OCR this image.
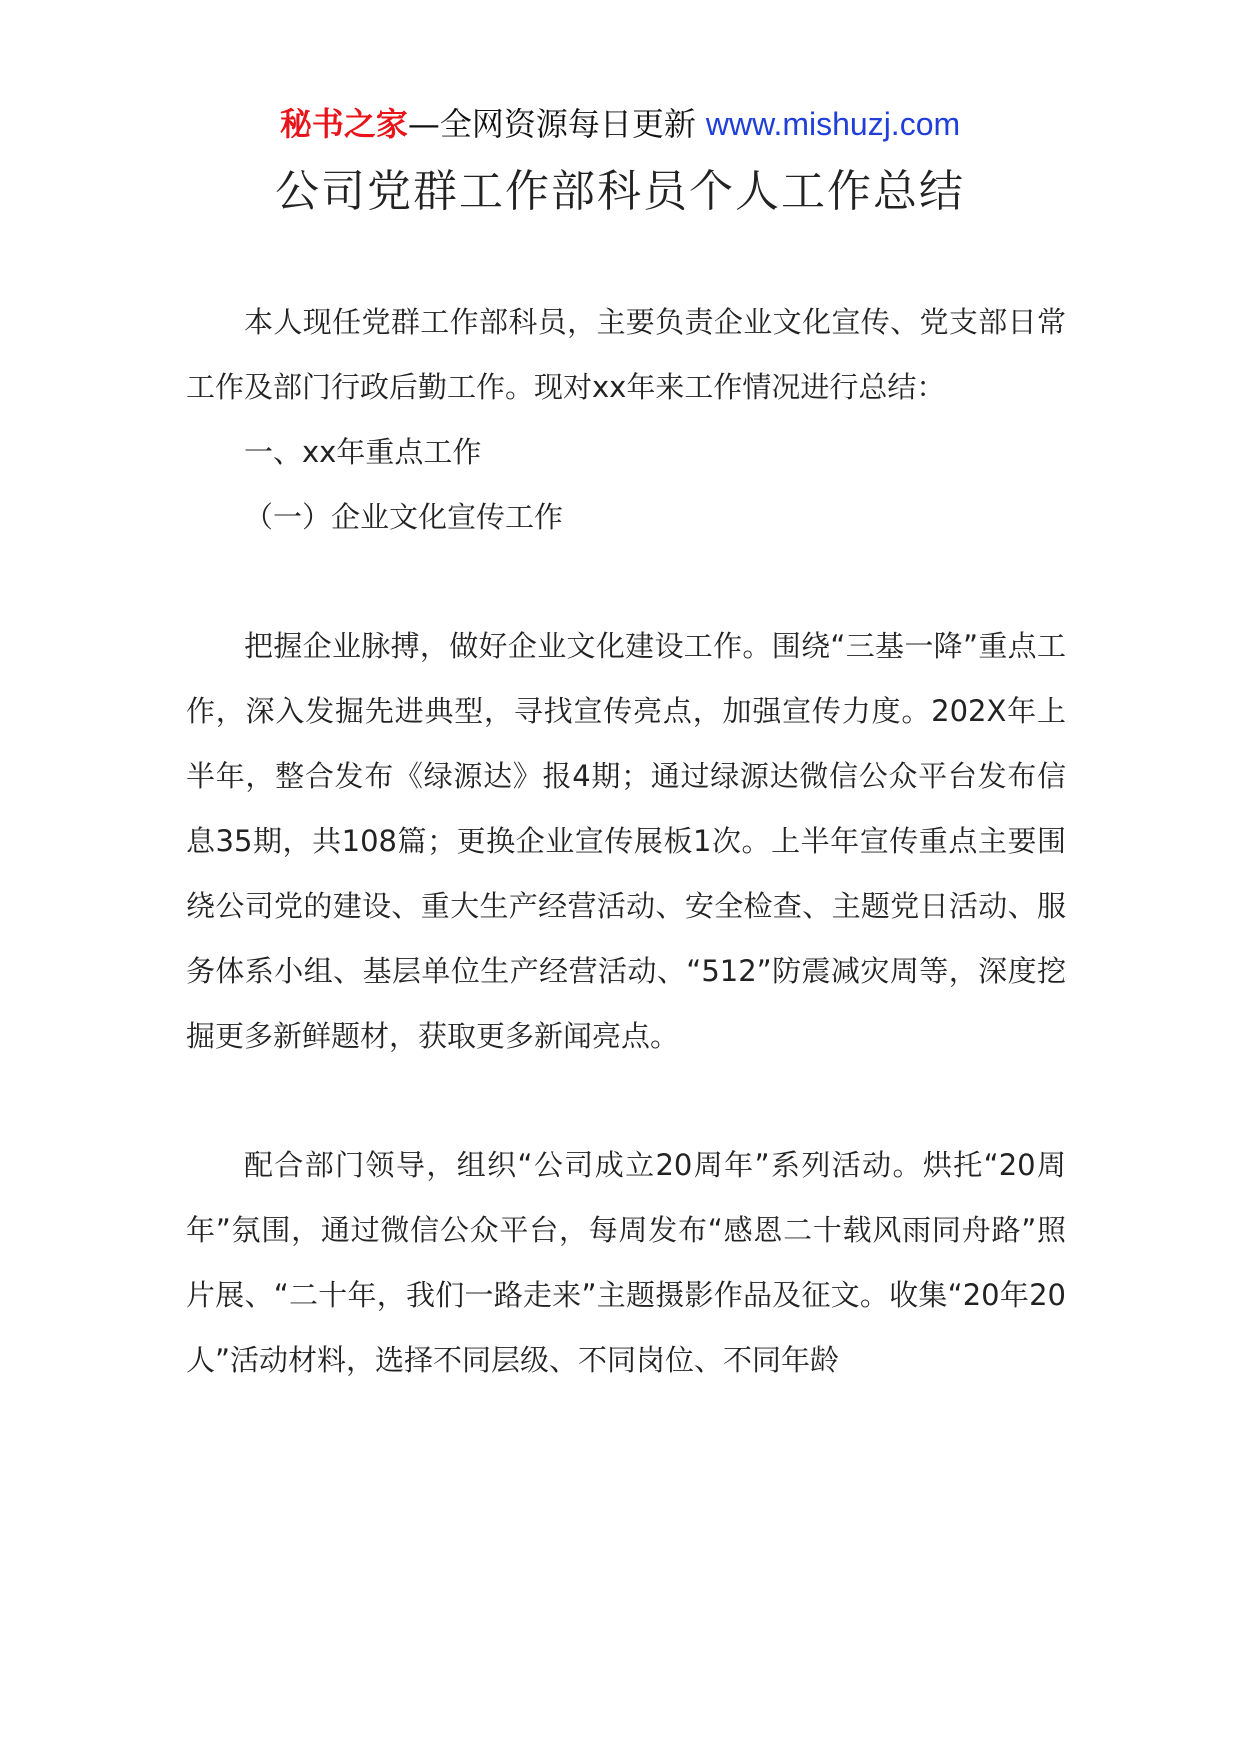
秘书之家—全网资源每日更新 www.mishuzj.com
公司党群工作部科员个人工作总结

本人现任党群工作部科员，主要负责企业文化宣传、党支部日常工作及部门行政后勤工作。现对xx年来工作情况进行总结：

一、xx年重点工作

（一）企业文化宣传工作

把握企业脉搏，做好企业文化建设工作。围绕“三基一降”重点工作，深入发掘先进典型，寻找宣传亮点，加强宣传力度。202X年上半年，整合发布《绿源达》报4期；通过绿源达微信公众平台发布信息35期，共108篇；更换企业宣传展板1次。上半年宣传重点主要围绕公司党的建设、重大生产经营活动、安全检查、主题党日活动、服务体系小组、基层单位生产经营活动、“512”防震减灾周等，深度挖掘更多新鲜题材，获取更多新闻亮点。

配合部门领导，组织“公司成立20周年”系列活动。烘托“20周年”氛围，通过微信公众平台，每周发布“感恩二十载风雨同舟路”照片展、“二十年，我们一路走来”主题摄影作品及征文。收集“20年20人”活动材料，选择不同层级、不同岗位、不同年龄
